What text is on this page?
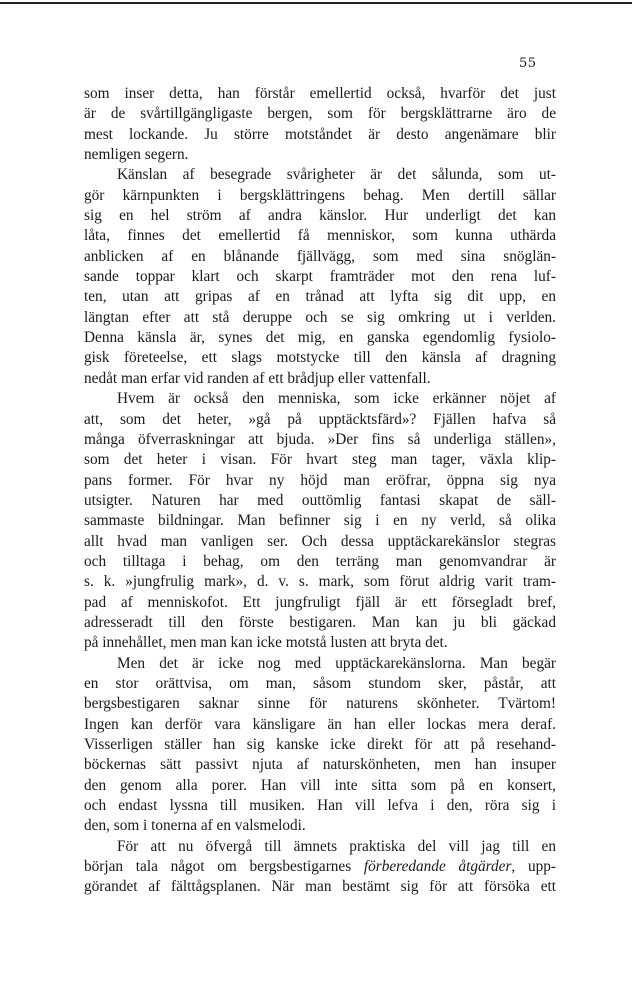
55
som inser detta, han förstår emellertid också, hvarför det just
är de svårtillgängligaste bergen, som för bergsklättrarne äro de
mest lockande. Ju större motståndet är desto angenämare blir
nemligen segern.
Känslan af besegrade svårigheter är det sålunda, som ut-
gör kärnpunkten i bergsklättringens behag. Men dertill sällar
sig en hel ström af andra känslor. Hur underligt det kan
låta, finnes det emellertid få menniskor, som kunna uthärda
anblicken af en blånande fjällvägg, som med sina snöglän-
sande toppar klart och skarpt framträder mot den rena luf-
ten, utan att gripas af en trånad att lyfta sig dit upp, en
längtan efter att stå deruppe och se sig omkring ut i verlden.
Denna känsla är, synes det mig, en ganska egendomlig fysiolo-
gisk företeelse, ett slags motstycke till den känsla af dragning
nedåt man erfar vid randen af ett brådjup eller vattenfall.
Hvem är också den menniska, som icke erkänner nöjet af
att, som det heter, »gå på upptäcktsfärd»? Fjällen hafva så
många öfverraskningar att bjuda. »Der fins så underliga ställen»,
som det heter i visan. För hvart steg man tager, växla klip-
pans former. För hvar ny höjd man eröfrar, öppna sig nya
utsigter. Naturen har med outtömlig fantasi skapat de säll-
sammaste bildningar. Man befinner sig i en ny verld, så olika
allt hvad man vanligen ser. Och dessa upptäckarekänslor stegras
och tilltaga i behag, om den terräng man genomvandrar är
s. k. »jungfrulig mark», d. v. s. mark, som förut aldrig varit tram-
pad af menniskofot. Ett jungfruligt fjäll är ett försegladt bref,
adresseradt till den förste bestigaren. Man kan ju bli gäckad
på innehållet, men man kan icke motstå lusten att bryta det.
Men det är icke nog med upptäckarekänslorna. Man begär
en stor orättvisa, om man, såsom stundom sker, påstår, att
bergsbestigaren saknar sinne för naturens skönheter. Tvärtom!
Ingen kan derför vara känsligare än han eller lockas mera deraf.
Visserligen ställer han sig kanske icke direkt för att på resehand-
böckernas sätt passivt njuta af naturskönheten, men han insuper
den genom alla porer. Han vill inte sitta som på en konsert,
och endast lyssna till musiken. Han vill lefva i den, röra sig i
den, som i tonerna af en valsmelodi.
För att nu öfvergå till ämnets praktiska del vill jag till en
början tala något om bergsbestigarnes förberedande åtgärder, upp-
görandet af fälttågsplanen. När man bestämt sig för att försöka ett
